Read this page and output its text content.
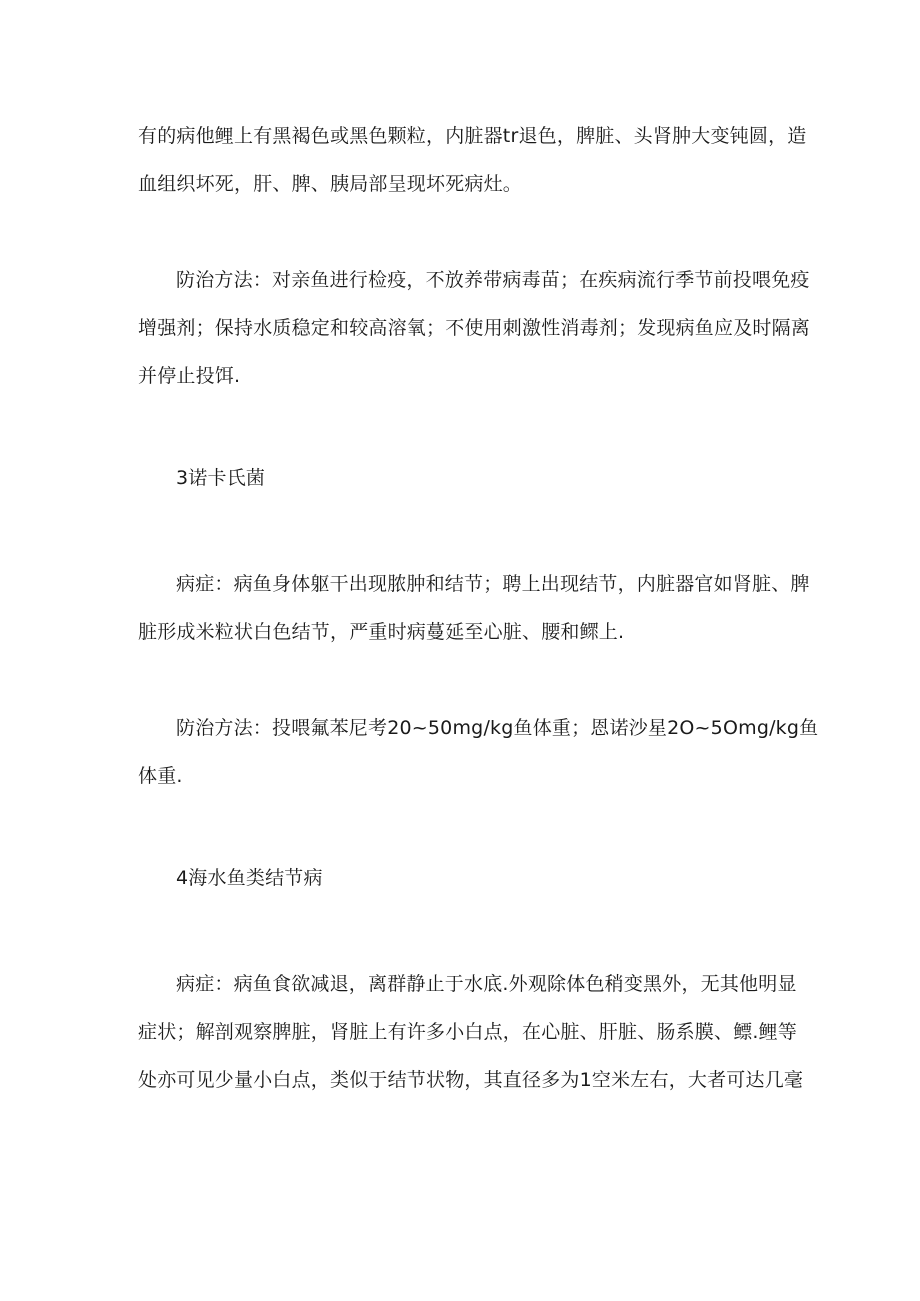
有的病他鲤上有黑褐色或黑色颗粒，内脏器tr退色，脾脏、头肾肿大变钝圆，造
血组织坏死，肝、脾、胰局部呈现坏死病灶。
防治方法：对亲鱼进行检疫，不放养带病毒苗；在疾病流行季节前投喂免疫
增强剂；保持水质稳定和较高溶氧；不使用刺激性消毒剂；发现病鱼应及时隔离
并停止投饵.
3诺卡氏菌
病症：病鱼身体躯干出现脓肿和结节；聘上出现结节，内脏器官如肾脏、脾
脏形成米粒状白色结节，严重时病蔓延至心脏、腰和鳏上.
防治方法：投喂氟苯尼考20~50mg∕kg鱼体重；恩诺沙星2O~5Omg∕kg鱼
体重.
4海水鱼类结节病
病症：病鱼食欲减退，离群静止于水底.外观除体色稍变黑外，无其他明显
症状；解剖观察脾脏，肾脏上有许多小白点，在心脏、肝脏、肠系膜、鳔.鲤等
处亦可见少量小白点，类似于结节状物，其直径多为1空米左右，大者可达几毫
